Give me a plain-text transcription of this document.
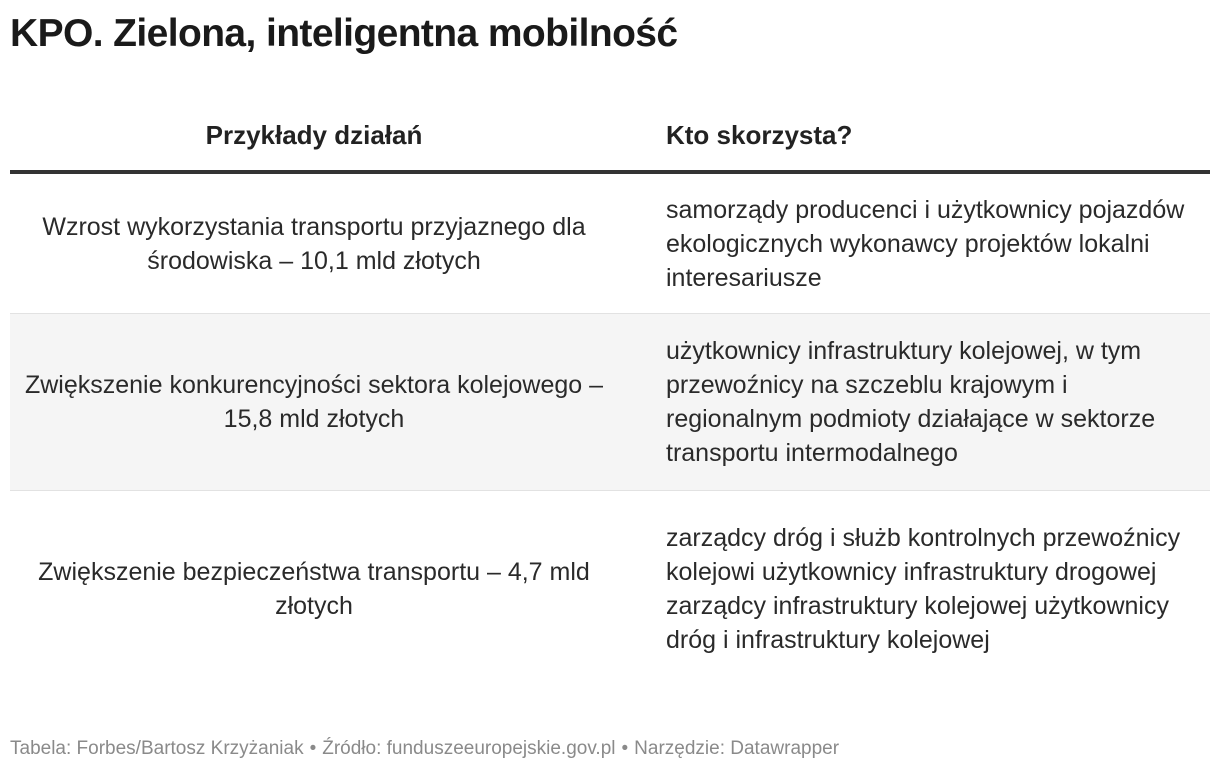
KPO. Zielona, inteligentna mobilność
Przykłady działań	Kto skorzysta?
Wzrost wykorzystania transportu przyjaznego dla środowiska – 10,1 mld złotych
samorządy producenci i użytkownicy pojazdów ekologicznych wykonawcy projektów lokalni interesariusze
Zwiększenie konkurencyjności sektora kolejowego – 15,8 mld złotych
użytkownicy infrastruktury kolejowej, w tym przewoźnicy na szczeblu krajowym i regionalnym podmioty działające w sektorze transportu intermodalnego
Zwiększenie bezpieczeństwa transportu – 4,7 mld złotych
zarządcy dróg i służb kontrolnych przewoźnicy kolejowi użytkownicy infrastruktury drogowej zarządcy infrastruktury kolejowej użytkownicy dróg i infrastruktury kolejowej
Tabela: Forbes/Bartosz Krzyżaniak • Źródło: funduszeeuropejskie.gov.pl • Narzędzie: Datawrapper
